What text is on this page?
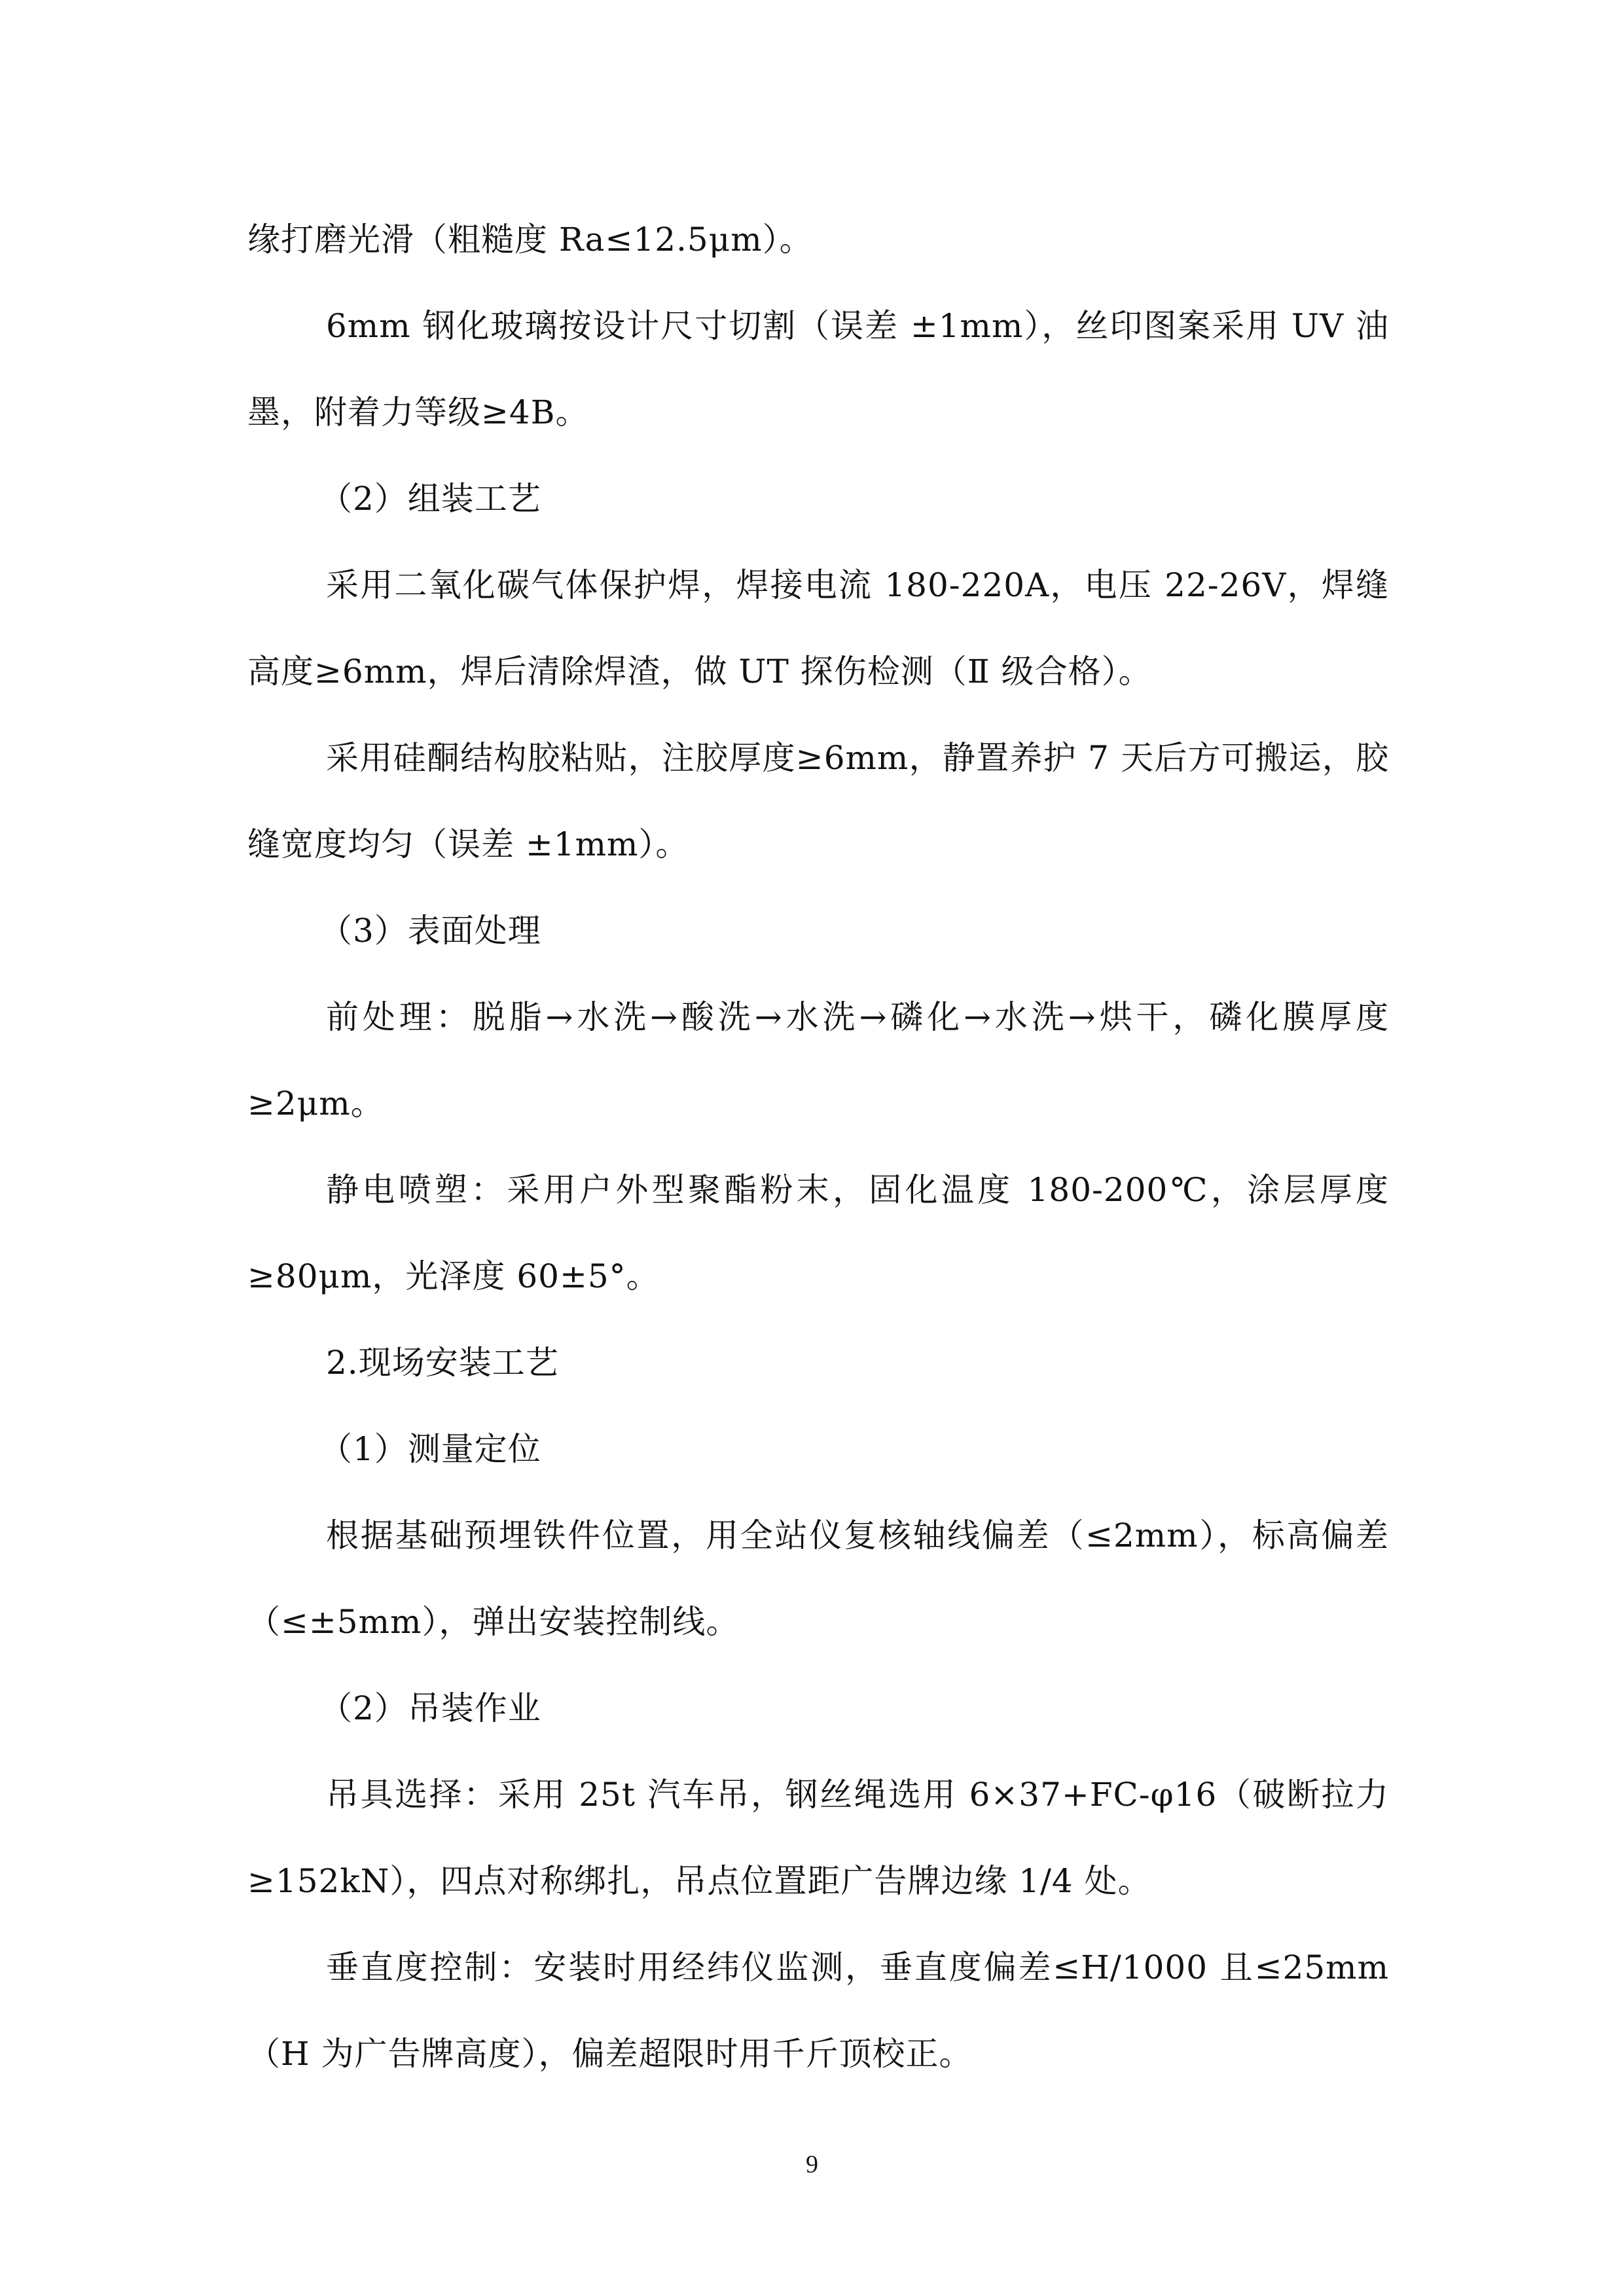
缘打磨光滑（粗糙度 Ra≤12.5μm）。

6mm 钢化玻璃按设计尺寸切割（误差 ±1mm），丝印图案采用 UV 油墨，附着力等级≥4B。

（2）组装工艺

采用二氧化碳气体保护焊，焊接电流 180-220A，电压 22-26V，焊缝高度≥6mm，焊后清除焊渣，做 UT 探伤检测（Ⅱ 级合格）。

采用硅酮结构胶粘贴，注胶厚度≥6mm，静置养护 7 天后方可搬运，胶缝宽度均匀（误差 ±1mm）。

（3）表面处理

前处理：脱脂→水洗→酸洗→水洗→磷化→水洗→烘干，磷化膜厚度≥2μm。

静电喷塑：采用户外型聚酯粉末，固化温度 180-200℃，涂层厚度≥80μm，光泽度 60±5°。

2.现场安装工艺

（1）测量定位

根据基础预埋铁件位置，用全站仪复核轴线偏差（≤2mm），标高偏差（≤±5mm），弹出安装控制线。

（2）吊装作业

吊具选择：采用 25t 汽车吊，钢丝绳选用 6×37+FC-φ16（破断拉力≥152kN），四点对称绑扎，吊点位置距广告牌边缘 1/4 处。

垂直度控制：安装时用经纬仪监测，垂直度偏差≤H/1000 且≤25mm（H 为广告牌高度），偏差超限时用千斤顶校正。

9
